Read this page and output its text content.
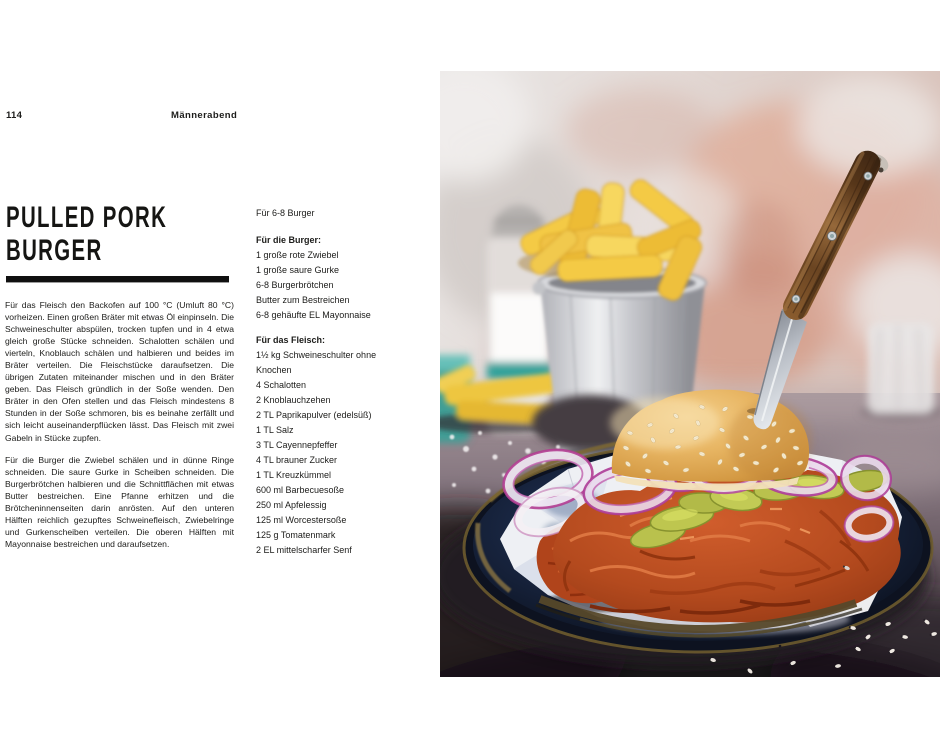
114	Männerabend
PULLED PORK
BURGER

Für das Fleisch den Backofen auf 100 °C (Umluft 80 °C) vorheizen. Einen großen Bräter mit etwas Öl einpinseln. Die Schweineschulter abspülen, trocken tupfen und in 4 etwa gleich große Stücke schneiden. Schalotten schälen und vierteln, Knoblauch schälen und halbieren und beides im Bräter verteilen. Die Fleischstücke daraufsetzen. Die übrigen Zutaten miteinander mischen und in den Bräter geben. Das Fleisch gründlich in der Soße wenden. Den Bräter in den Ofen stellen und das Fleisch mindestens 8 Stunden in der Soße schmoren, bis es beinahe zerfällt und sich leicht auseinanderpflücken lässt. Das Fleisch mit zwei Gabeln in Stücke zupfen.

Für die Burger die Zwiebel schälen und in dünne Ringe schneiden. Die saure Gurke in Scheiben schneiden. Die Burgerbrötchen halbieren und die Schnittflächen mit etwas Butter bestreichen. Eine Pfanne erhitzen und die Brötcheninnenseiten darin anrösten. Auf den unteren Hälften reichlich gezupftes Schweinefleisch, Zwiebelringe und Gurkenscheiben verteilen. Die oberen Hälften mit Mayonnaise bestreichen und daraufsetzen.

Für 6-8 Burger
Für die Burger:
1 große rote Zwiebel
1 große saure Gurke
6-8 Burgerbrötchen
Butter zum Bestreichen
6-8 gehäufte EL Mayonnaise
Für das Fleisch:
1½ kg Schweineschulter ohne Knochen
4 Schalotten
2 Knoblauchzehen
2 TL Paprikapulver (edelsüß)
1 TL Salz
3 TL Cayennepfeffer
4 TL brauner Zucker
1 TL Kreuzkümmel
600 ml Barbecuesoße
250 ml Apfelessig
125 ml Worcestersoße
125 g Tomatenmark
2 EL mittelscharfer Senf
